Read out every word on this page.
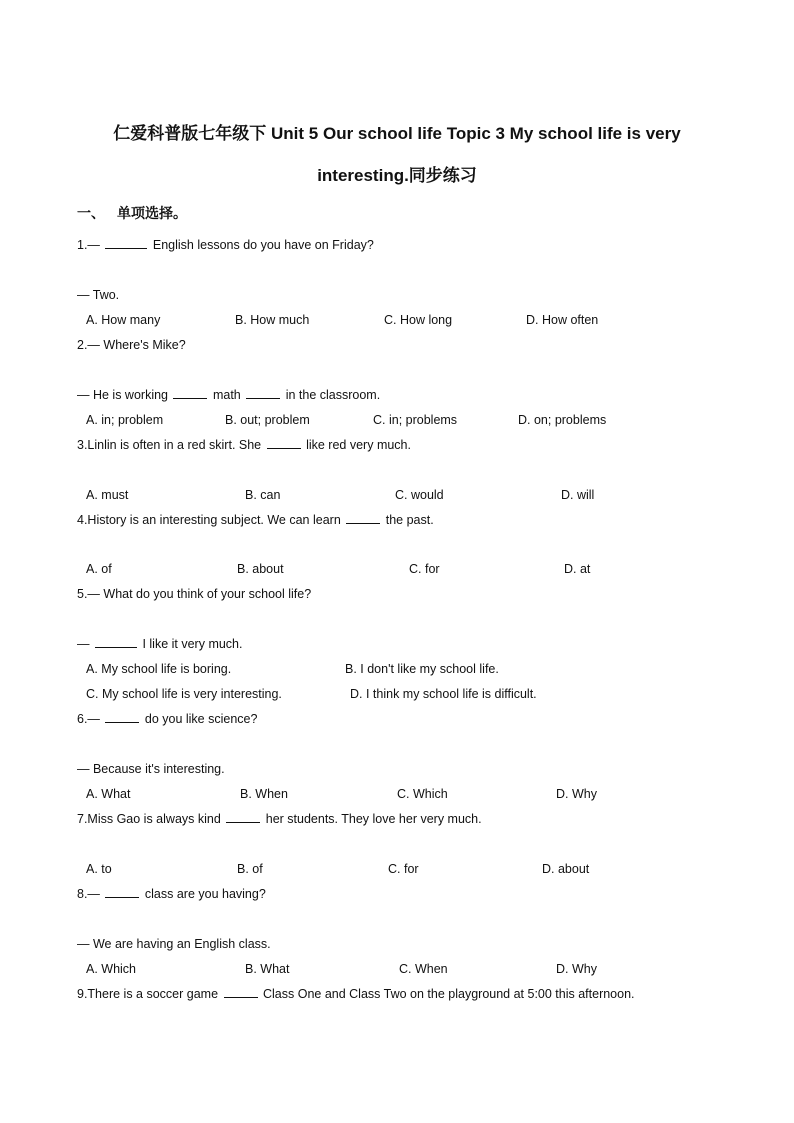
仁爱科普版七年级下 Unit 5 Our school life Topic 3 My school life is very
interesting.同步练习
一、 单项选择。
1.—	English lessons do you have on Friday?
— Two.
A. How many	B. How much	C. How long	D. How often
2.— Where's Mike?
— He is working	math	in the classroom.
A. in; problem	B. out; problem	C. in; problems	D. on; problems
3.Linlin is often in a red skirt. She	like red very much.
A. must	B. can	C. would	D. will
4.History is an interesting subject. We can learn	the past.
A. of	B. about	C. for	D. at
5.— What do you think of your school life?
—	I like it very much.
A. My school life is boring.	B. I don't like my school life.
C. My school life is very interesting.	D. I think my school life is difficult.
6.—	do you like science?
— Because it's interesting.
A. What	B. When	C. Which	D. Why
7.Miss Gao is always kind	her students. They love her very much.
A. to	B. of	C. for	D. about
8.—	class are you having?
— We are having an English class.
A. Which	B. What	C. When	D. Why
9.There is a soccer game	Class One and Class Two on the playground at 5:00 this afternoon.
